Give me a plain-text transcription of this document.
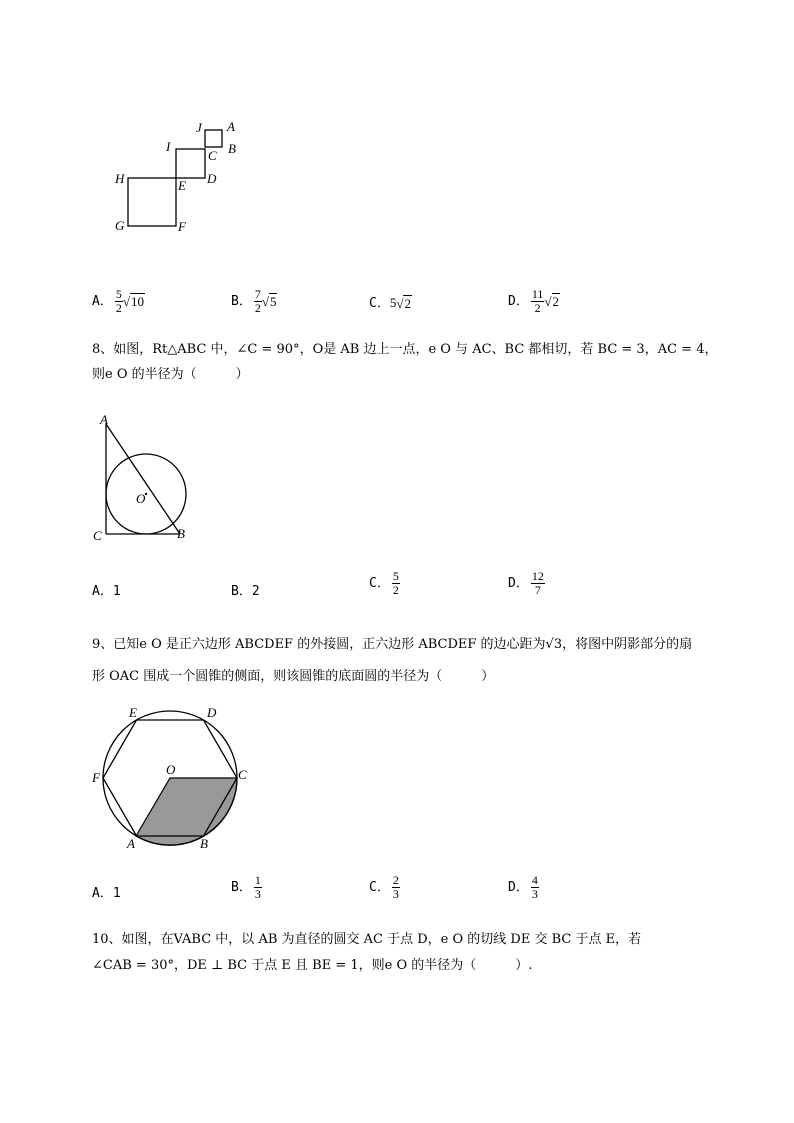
J A
I
C B
H	E D
G	F
A． $\frac{5}{2} √10$	B． $\frac{7}{2} √5$	C．5√2	D． $\frac{11}{2} √2$
8、如图，Rt△ABC 中，∠C = 90°，O是 AB 边上一点，e O 与 AC、BC 都相切，若 BC = 3，AC = 4，
则e O 的半径为（　　　）
A
O
C	B
A．1	B．2
C． $\frac{5}{2}$	D． $\frac{12}{7}$
9、已知e O 是正六边形 ABCDEF 的外接圆，正六边形 ABCDEF 的边心距为√3，将图中阴影部分的扇
形 OAC 围成一个圆锥的侧面，则该圆锥的底面圆的半径为（　　　）
E	D
F
O	C
A	B
A．1	B． $\frac{1}{3}$	C． $\frac{2}{3}$	D． $\frac{4}{3}$
10、如图，在VABC 中，以 AB 为直径的圆交 AC 于点 D，e O 的切线 DE 交 BC 于点 E，若
∠CAB = 30°，DE ⊥ BC 于点 E 且 BE = 1，则e O 的半径为（　　　）.
